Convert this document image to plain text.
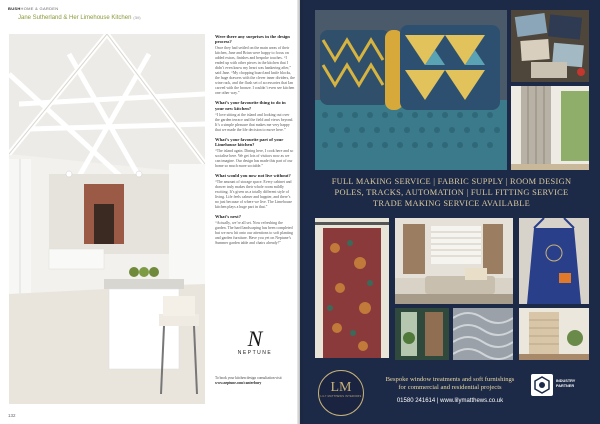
BUSHHOME & GARDEN
Jane Sutherland & Her Limehouse Kitchen (3M)

Were there any surprises in the design process?

Once they had settled on the main areas of their kitchen, Jane and Brian were happy to focus on added extras, finishes and bespoke touches. “I ended up with other pieces in the kitchen that I didn’t even know my heart was hankering after,” said Jane. “My chopping board and knife blocks, the huge drawers with the clever inner dividers, the wine rack, and the flush set of accessories that Ian carved with the bronze. I couldn’t even see kitchen one other way.”

What’s your favourite thing to do in your new kitchen?

“I love sitting at the island and looking out over the garden terrace and the field and views beyond. It’s a simple pleasure that makes me very happy that we made the life decision to move here.”

What’s your favourite part of your Limehouse kitchen?

“The island again. Dining here, I cook here and so socialise here. We get lots of visitors now as we can imagine. Our design has made this part of our home so much more sociable.”

What would you now not live without?

“The amount of storage space. Every cabinet and drawer truly makes their whole room mildly exciting. It’s given us a totally different style of living. Life feels calmer and happier, and there’s no just because of where we live. The Limehouse kitchen plays a huge part in that.”

What’s next?

“Actually, we’re all set. Now refreshing the garden. The hard landscaping has been completed but we now hit onto our attentions to soft planting and garden furniture. Have you yet on Neptune’s Summer garden table and chairs already!”

N
NEPTUNE
To book your kitchen design consultation visit www.neptune.com/canterbury
132
FULL MAKING SERVICE | FABRIC SUPPLY | ROOM DESIGN
POLES, TRACKS, AUTOMATION | FULL FITTING SERVICE
TRADE MAKING SERVICE AVAILABLE
LM
LILY MATTHEWS INTERIORS
Bespoke window treatments and soft furnishings
for commercial and residential projects
01580 241614 | www.lilymatthews.co.uk
INDUSTRY
PARTNER
